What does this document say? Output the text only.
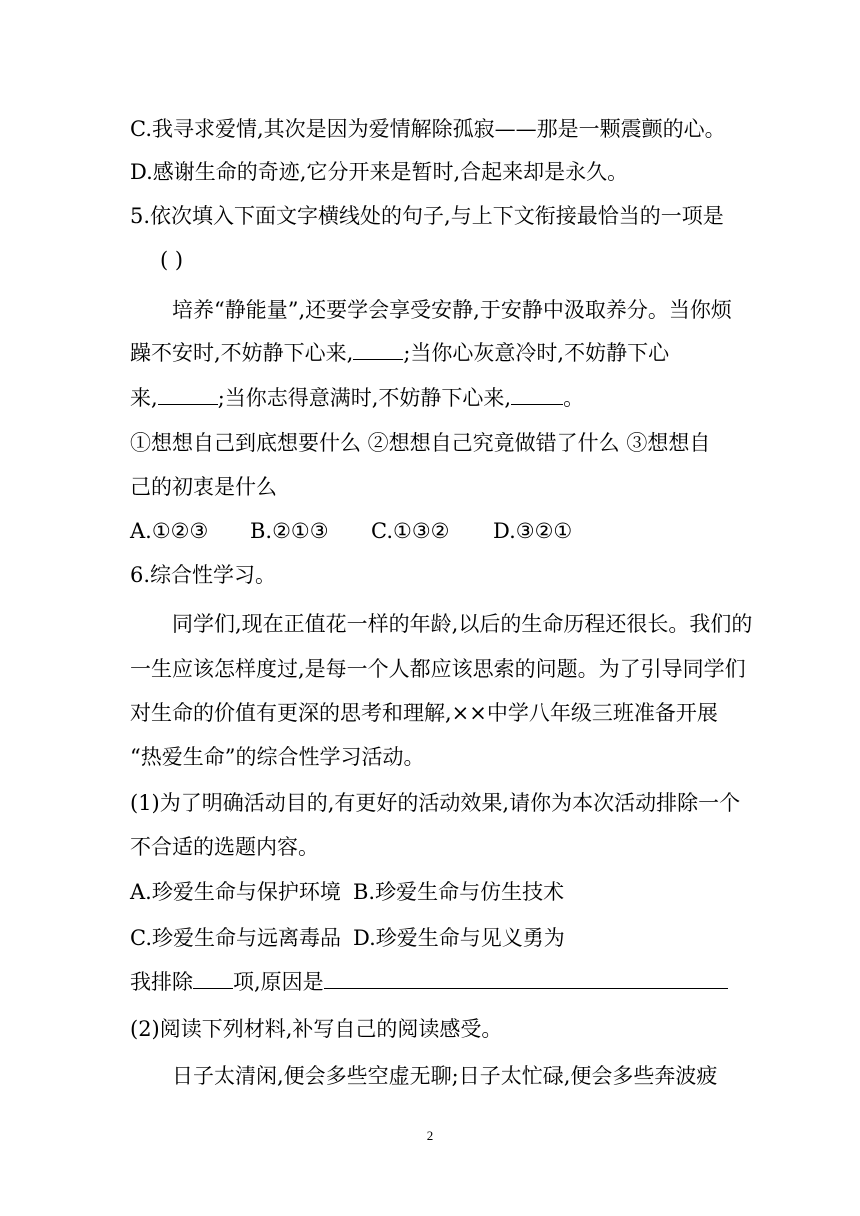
C.我寻求爱情,其次是因为爱情解除孤寂——那是一颗震颤的心。
D.感谢生命的奇迹,它分开来是暂时,合起来却是永久。
5.依次填入下面文字横线处的句子,与上下文衔接最恰当的一项是
( )
培养“静能量”,还要学会享受安静,于安静中汲取养分。当你烦
躁不安时,不妨静下心来, ;当你心灰意冷时,不妨静下心
来,	;当你志得意满时,不妨静下心来, 。
①想想自己到底想要什么 ②想想自己究竟做错了什么 ③想想自
己的初衷是什么
A.①②③ B.②①③ C.①③② D.③②①
6.综合性学习。
同学们,现在正值花一样的年龄,以后的生命历程还很长。我们的
一生应该怎样度过,是每一个人都应该思索的问题。为了引导同学们
对生命的价值有更深的思考和理解,××中学八年级三班准备开展
“热爱生命”的综合性学习活动。
(1)为了明确活动目的,有更好的活动效果,请你为本次活动排除一个
不合适的选题内容。
A.珍爱生命与保护环境 B.珍爱生命与仿生技术
C.珍爱生命与远离毒品 D.珍爱生命与见义勇为
我排除 项,原因是
(2)阅读下列材料,补写自己的阅读感受。
日子太清闲,便会多些空虚无聊;日子太忙碌,便会多些奔波疲
2
